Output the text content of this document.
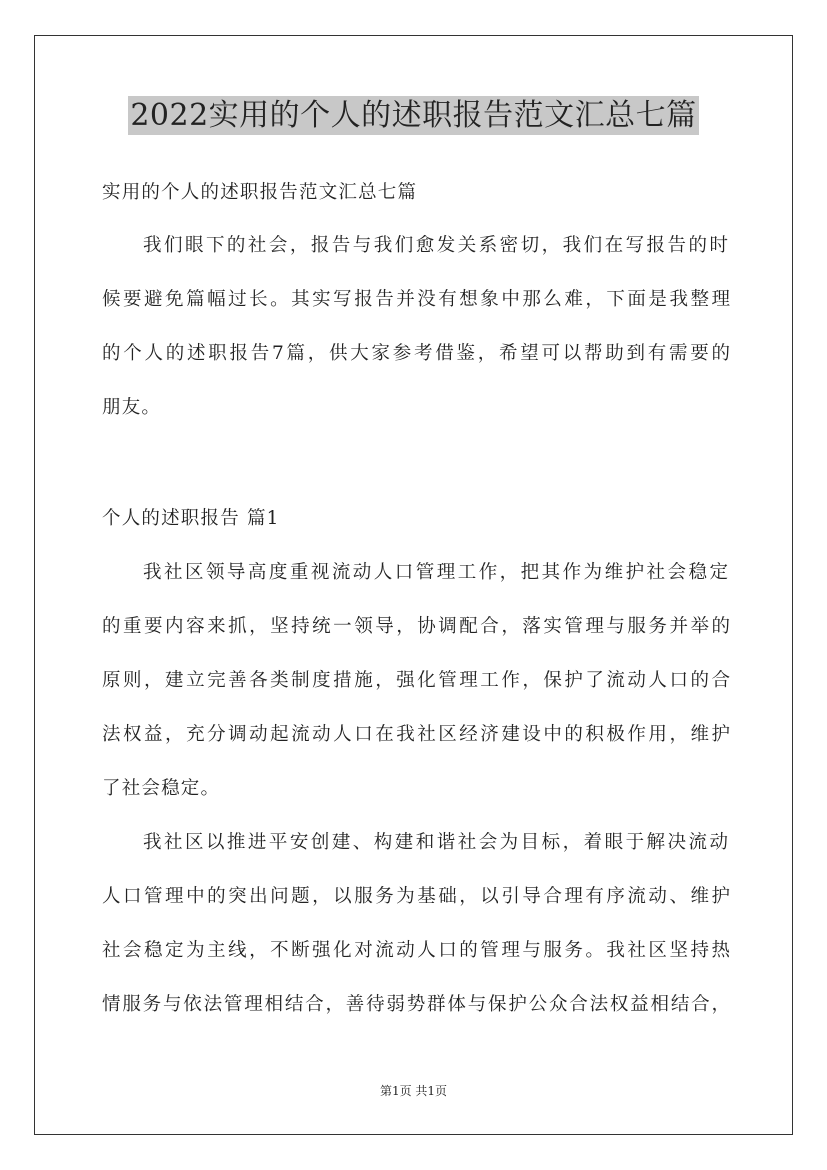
2022实用的个人的述职报告范文汇总七篇

实用的个人的述职报告范文汇总七篇

我们眼下的社会，报告与我们愈发关系密切，我们在写报告的时

候要避免篇幅过长。其实写报告并没有想象中那么难，下面是我整理

的个人的述职报告7篇，供大家参考借鉴，希望可以帮助到有需要的

朋友。

个人的述职报告 篇1

我社区领导高度重视流动人口管理工作，把其作为维护社会稳定

的重要内容来抓，坚持统一领导，协调配合，落实管理与服务并举的

原则，建立完善各类制度措施，强化管理工作，保护了流动人口的合

法权益，充分调动起流动人口在我社区经济建设中的积极作用，维护

了社会稳定。

我社区以推进平安创建、构建和谐社会为目标，着眼于解决流动

人口管理中的突出问题，以服务为基础，以引导合理有序流动、维护

社会稳定为主线，不断强化对流动人口的管理与服务。我社区坚持热

情服务与依法管理相结合，善待弱势群体与保护公众合法权益相结合，

第1页 共1页
